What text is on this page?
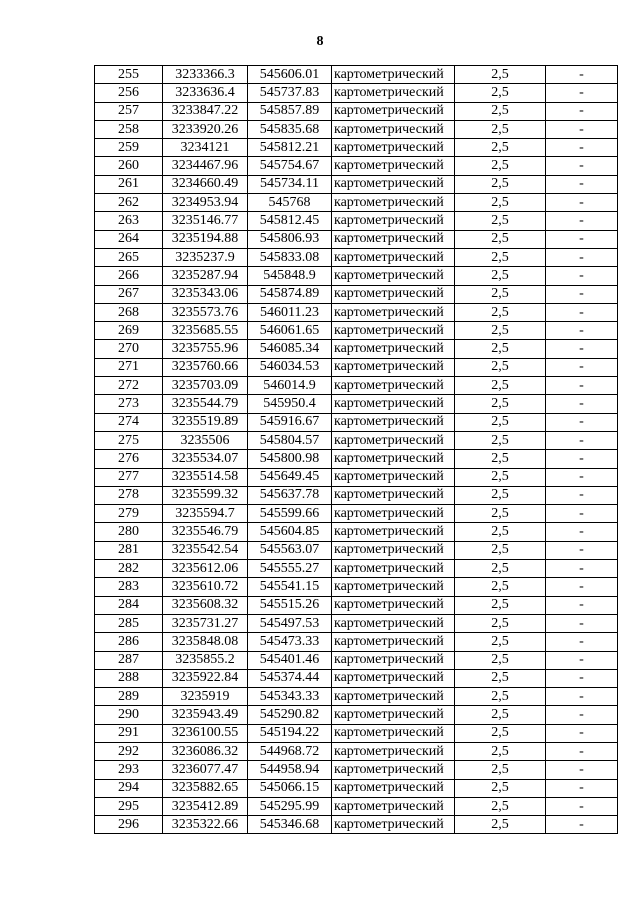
8
255	3233366.3	545606.01	картометрический	2,5	-
256	3233636.4	545737.83	картометрический	2,5	-
257	3233847.22	545857.89	картометрический	2,5	-
258	3233920.26	545835.68	картометрический	2,5	-
259	3234121	545812.21	картометрический	2,5	-
260	3234467.96	545754.67	картометрический	2,5	-
261	3234660.49	545734.11	картометрический	2,5	-
262	3234953.94	545768	картометрический	2,5	-
263	3235146.77	545812.45	картометрический	2,5	-
264	3235194.88	545806.93	картометрический	2,5	-
265	3235237.9	545833.08	картометрический	2,5	-
266	3235287.94	545848.9	картометрический	2,5	-
267	3235343.06	545874.89	картометрический	2,5	-
268	3235573.76	546011.23	картометрический	2,5	-
269	3235685.55	546061.65	картометрический	2,5	-
270	3235755.96	546085.34	картометрический	2,5	-
271	3235760.66	546034.53	картометрический	2,5	-
272	3235703.09	546014.9	картометрический	2,5	-
273	3235544.79	545950.4	картометрический	2,5	-
274	3235519.89	545916.67	картометрический	2,5	-
275	3235506	545804.57	картометрический	2,5	-
276	3235534.07	545800.98	картометрический	2,5	-
277	3235514.58	545649.45	картометрический	2,5	-
278	3235599.32	545637.78	картометрический	2,5	-
279	3235594.7	545599.66	картометрический	2,5	-
280	3235546.79	545604.85	картометрический	2,5	-
281	3235542.54	545563.07	картометрический	2,5	-
282	3235612.06	545555.27	картометрический	2,5	-
283	3235610.72	545541.15	картометрический	2,5	-
284	3235608.32	545515.26	картометрический	2,5	-
285	3235731.27	545497.53	картометрический	2,5	-
286	3235848.08	545473.33	картометрический	2,5	-
287	3235855.2	545401.46	картометрический	2,5	-
288	3235922.84	545374.44	картометрический	2,5	-
289	3235919	545343.33	картометрический	2,5	-
290	3235943.49	545290.82	картометрический	2,5	-
291	3236100.55	545194.22	картометрический	2,5	-
292	3236086.32	544968.72	картометрический	2,5	-
293	3236077.47	544958.94	картометрический	2,5	-
294	3235882.65	545066.15	картометрический	2,5	-
295	3235412.89	545295.99	картометрический	2,5	-
296	3235322.66	545346.68	картометрический	2,5	-
